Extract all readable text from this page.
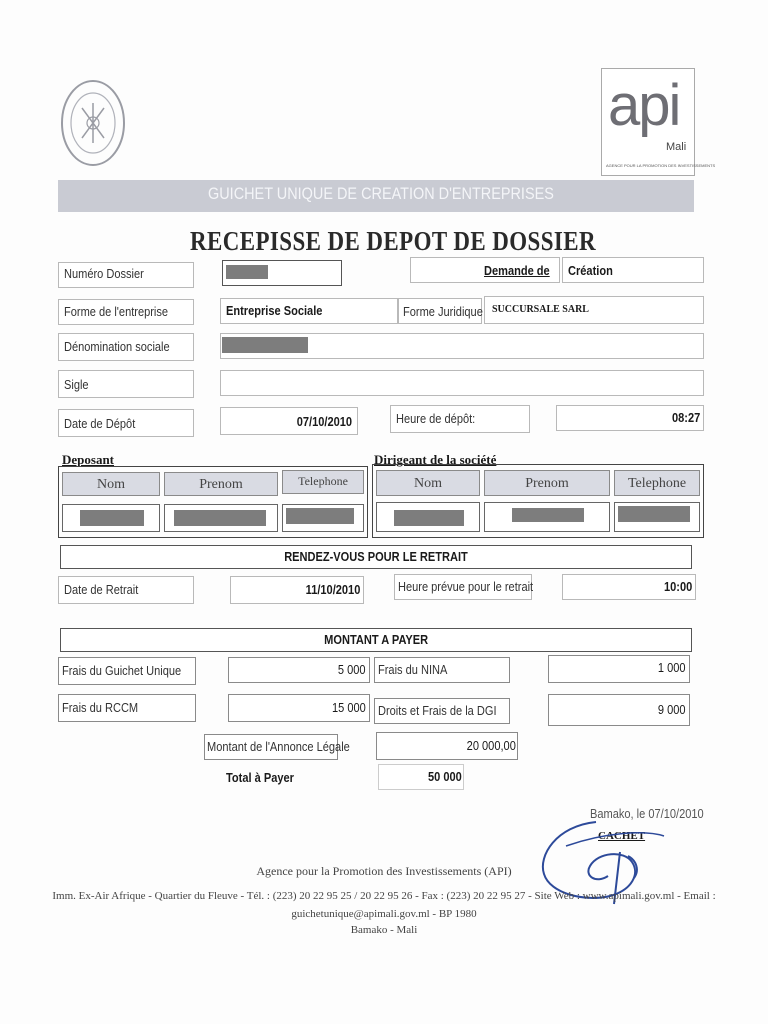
api
Mali
AGENCE POUR LA PROMOTION DES INVESTISSEMENTS
GUICHET UNIQUE DE CREATION D'ENTREPRISES
RECEPISSE DE DEPOT DE DOSSIER
Numéro Dossier	Demande de Création
Forme de l'entreprise	Entreprise Sociale	Forme Juridique SUCCURSALE SARL
Dénomination sociale
Sigle
Date de Dépôt	07/10/2010	Heure de dépôt:	08:27
Deposant
Nom	Prenom	Telephone
Dirigeant de la société
Nom	Prenom	Telephone
RENDEZ-VOUS POUR LE RETRAIT
Date de Retrait	11/10/2010	Heure prévue pour le retrait	10:00
MONTANT A PAYER
Frais du Guichet Unique	5 000 Frais du NINA	1 000
Frais du RCCM	15 000 Droits et Frais de la DGI	9 000
Montant de l'Annonce Légale	20 000,00
Total à Payer	50 000
Bamako, le 07/10/2010
CACHET
Agence pour la Promotion des Investissements (API)
Imm. Ex-Air Afrique - Quartier du Fleuve - Tél. : (223) 20 22 95 25 / 20 22 95 26 - Fax : (223) 20 22 95 27 - Site Web : www.apimali.gov.ml - Email :
guichetunique@apimali.gov.ml - BP 1980
Bamako - Mali
